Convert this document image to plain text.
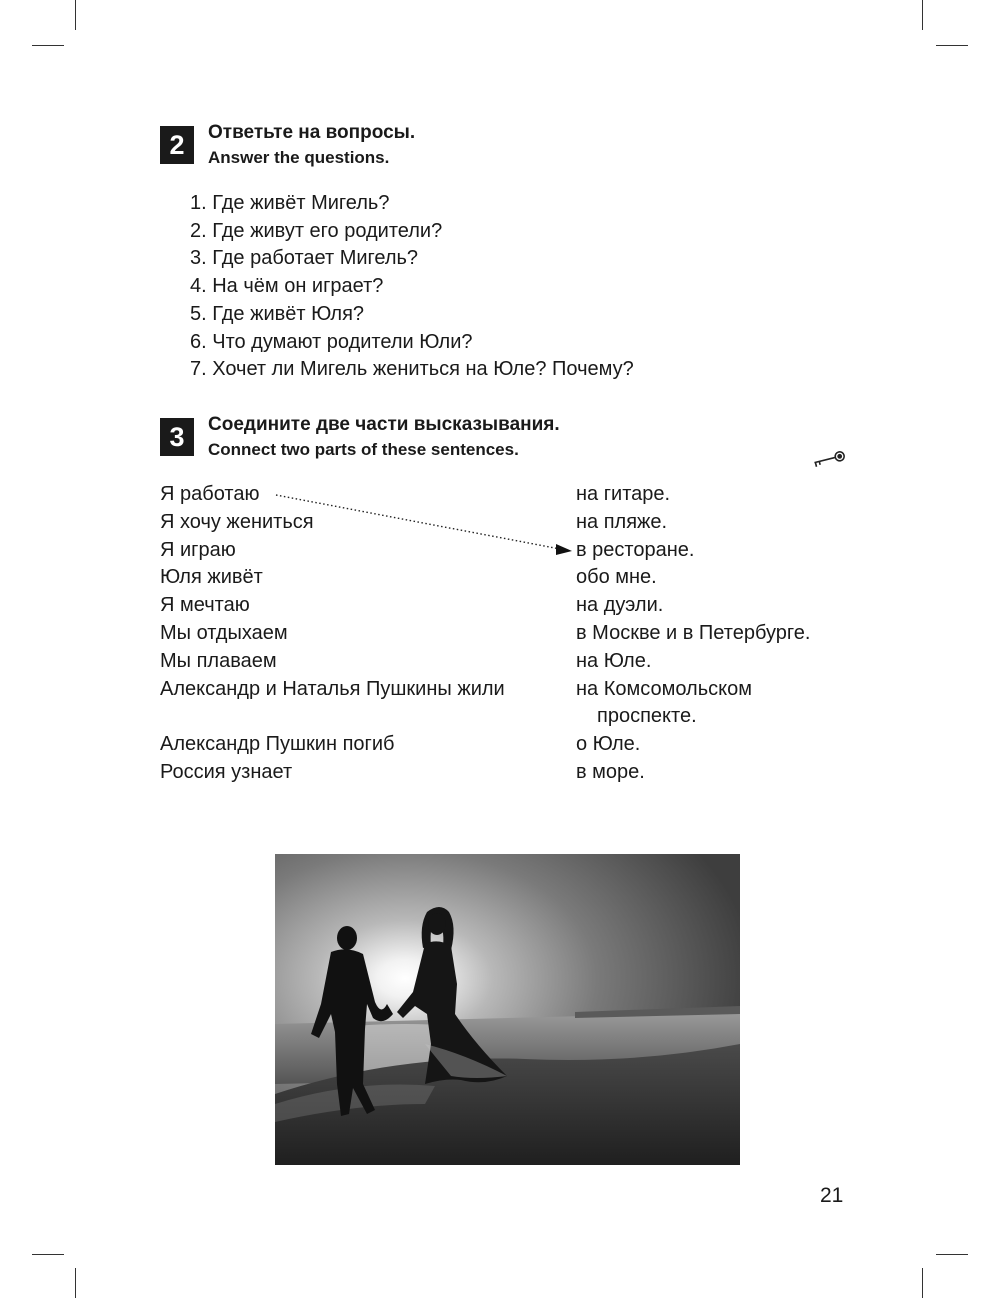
2	Ответьте на вопросы.
Answer the questions.
1. Где живёт Мигель?
2. Где живут его родители?
3. Где работает Мигель?
4. На чём он играет?
5. Где живёт Юля?
6. Что думают родители Юли?
7. Хочет ли Мигель жениться на Юле? Почему?
3	Соедините две части высказывания.
Connect two parts of these sentences.
Я работаю
Я хочу жениться
Я играю
Юля живёт
Я мечтаю
Мы отдыхаем
Мы плаваем
Александр и Наталья Пушкины жили

Александр Пушкин погиб
Россия узнает
на гитаре.
на пляже.
в ресторане.
обо мне.
на дуэли.
в Москве и в Петербурге.
на Юле.
на Комсомольском
проспекте.
о Юле.
в море.
21
